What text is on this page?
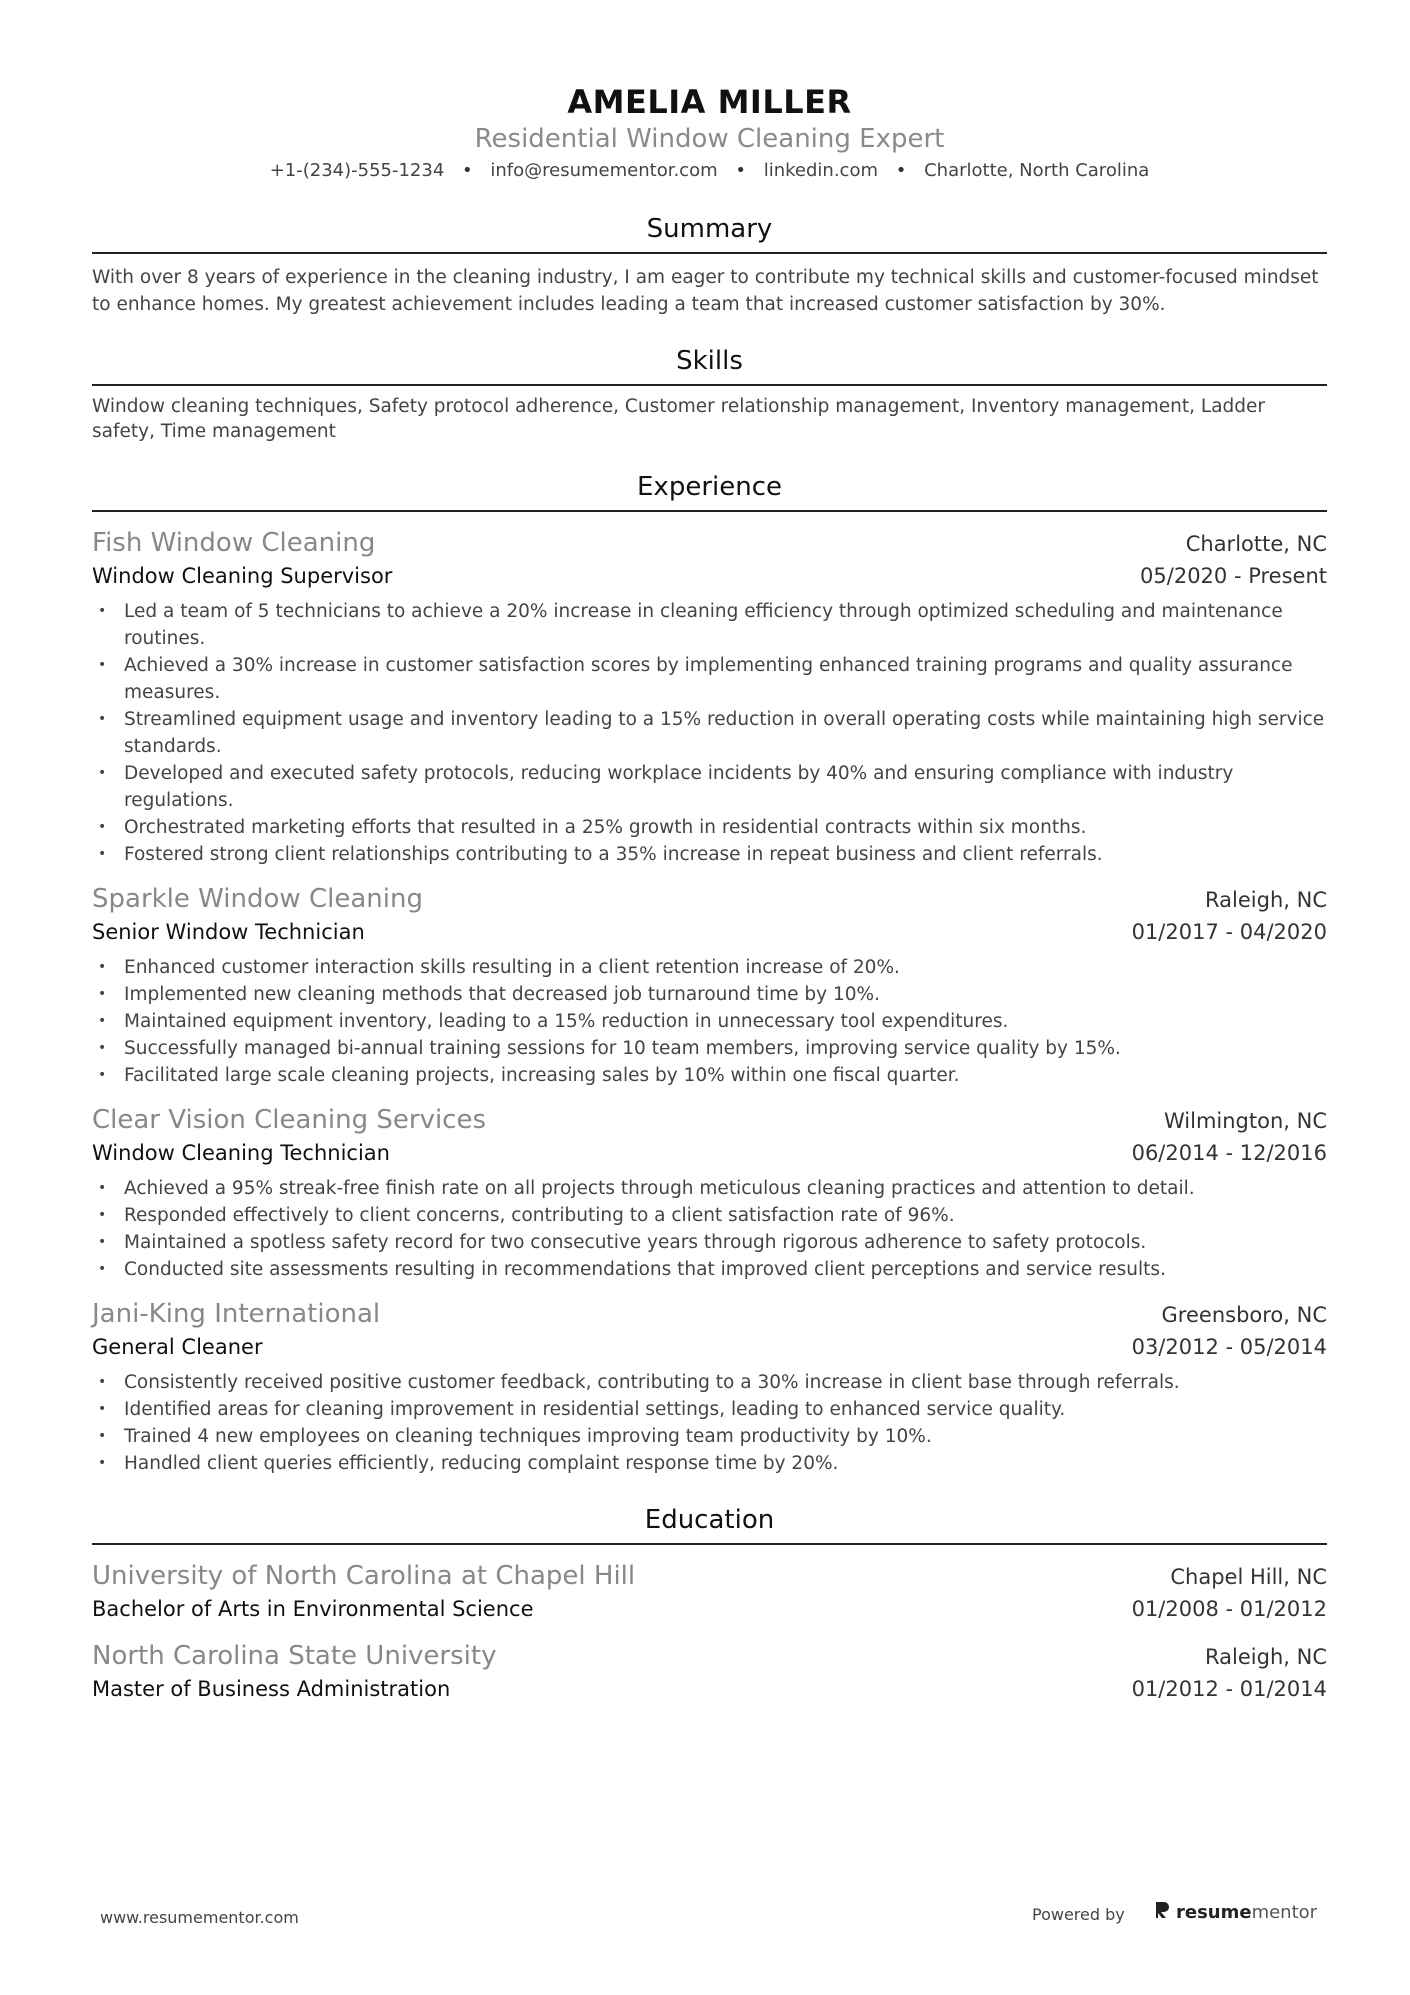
AMELIA MILLER
Residential Window Cleaning Expert
+1-(234)-555-1234 • info@resumementor.com • linkedin.com • Charlotte, North Carolina
Summary
With over 8 years of experience in the cleaning industry, I am eager to contribute my technical skills and customer-focused mindset to enhance homes. My greatest achievement includes leading a team that increased customer satisfaction by 30%.
Skills
Window cleaning techniques, Safety protocol adherence, Customer relationship management, Inventory management, Ladder safety, Time management
Experience
Fish Window Cleaning	Charlotte, NC
Window Cleaning Supervisor	05/2020 - Present
• Led a team of 5 technicians to achieve a 20% increase in cleaning efficiency through optimized scheduling and maintenance routines.
• Achieved a 30% increase in customer satisfaction scores by implementing enhanced training programs and quality assurance measures.
• Streamlined equipment usage and inventory leading to a 15% reduction in overall operating costs while maintaining high service standards.
• Developed and executed safety protocols, reducing workplace incidents by 40% and ensuring compliance with industry regulations.
• Orchestrated marketing efforts that resulted in a 25% growth in residential contracts within six months.
• Fostered strong client relationships contributing to a 35% increase in repeat business and client referrals.
Sparkle Window Cleaning	Raleigh, NC
Senior Window Technician	01/2017 - 04/2020
• Enhanced customer interaction skills resulting in a client retention increase of 20%.
• Implemented new cleaning methods that decreased job turnaround time by 10%.
• Maintained equipment inventory, leading to a 15% reduction in unnecessary tool expenditures.
• Successfully managed bi-annual training sessions for 10 team members, improving service quality by 15%.
• Facilitated large scale cleaning projects, increasing sales by 10% within one fiscal quarter.
Clear Vision Cleaning Services	Wilmington, NC
Window Cleaning Technician	06/2014 - 12/2016
• Achieved a 95% streak-free finish rate on all projects through meticulous cleaning practices and attention to detail.
• Responded effectively to client concerns, contributing to a client satisfaction rate of 96%.
• Maintained a spotless safety record for two consecutive years through rigorous adherence to safety protocols.
• Conducted site assessments resulting in recommendations that improved client perceptions and service results.
Jani-King International	Greensboro, NC
General Cleaner	03/2012 - 05/2014
• Consistently received positive customer feedback, contributing to a 30% increase in client base through referrals.
• Identified areas for cleaning improvement in residential settings, leading to enhanced service quality.
• Trained 4 new employees on cleaning techniques improving team productivity by 10%.
• Handled client queries efficiently, reducing complaint response time by 20%.
Education
University of North Carolina at Chapel Hill	Chapel Hill, NC
Bachelor of Arts in Environmental Science	01/2008 - 01/2012
North Carolina State University	Raleigh, NC
Master of Business Administration	01/2012 - 01/2014
www.resumementor.com	Powered by	resumementor
